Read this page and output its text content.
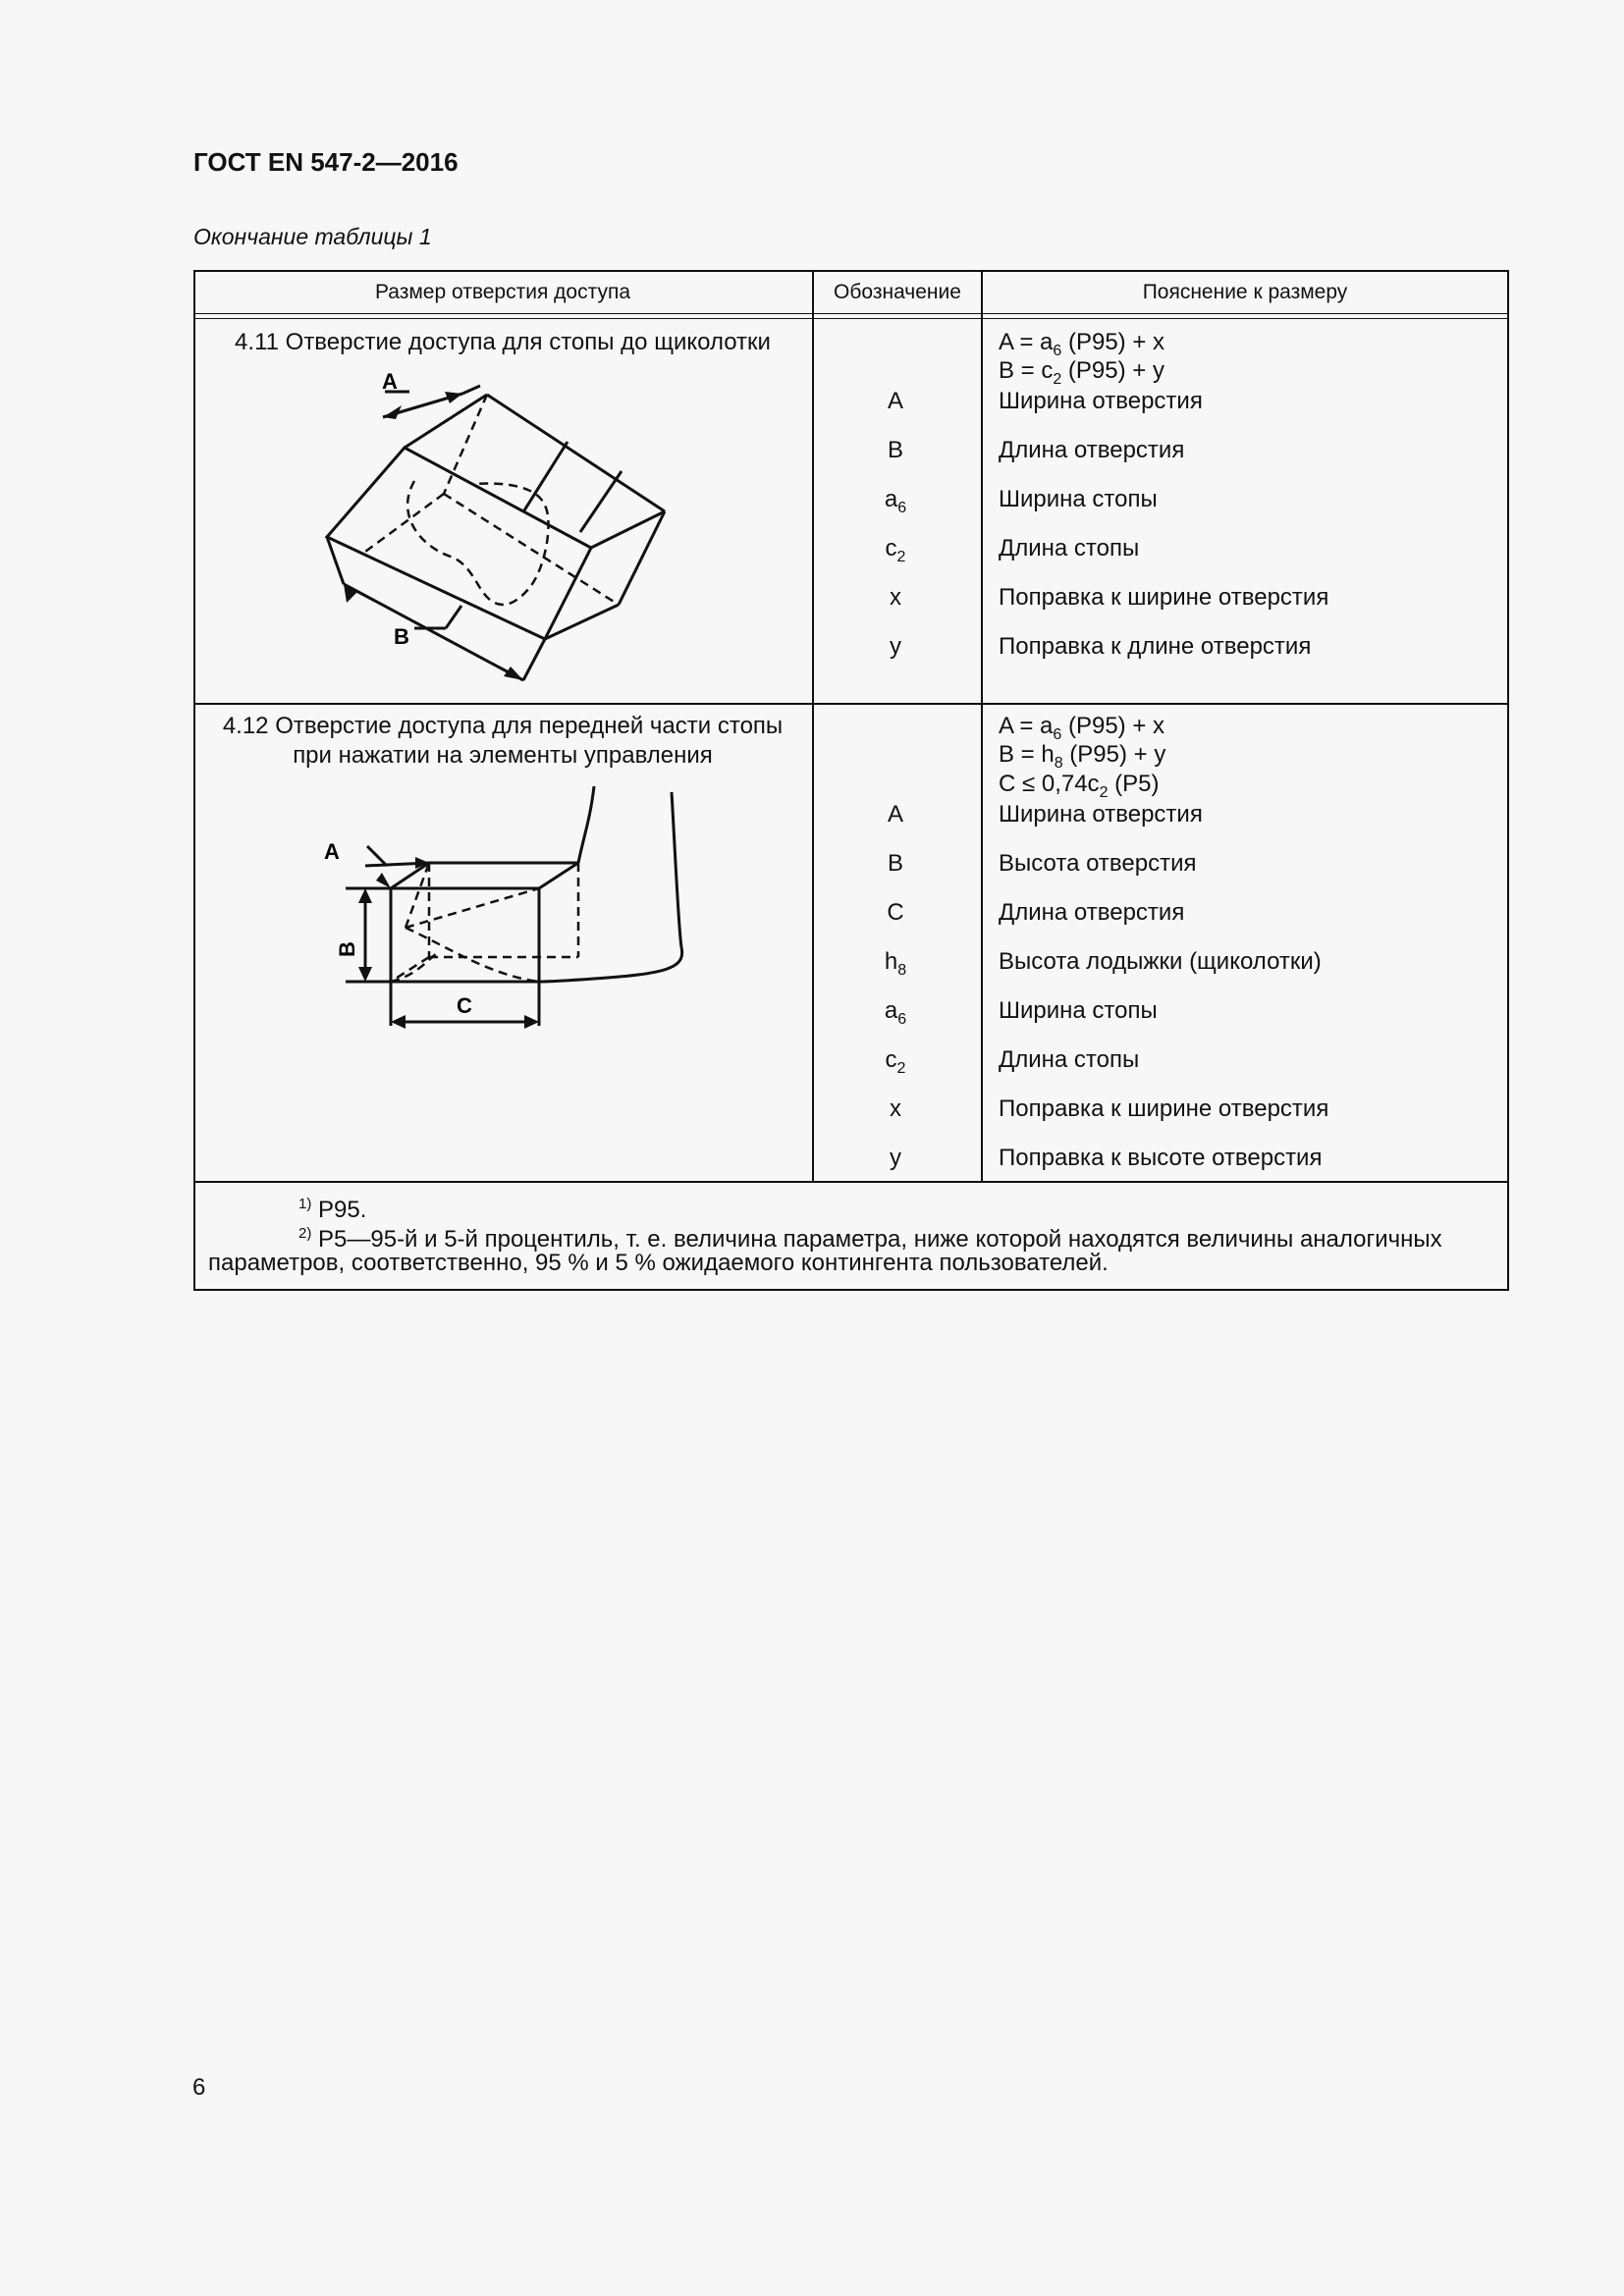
ГОСТ EN 547-2—2016
Окончание таблицы 1
Размер отверстия доступа	Обозначение	Пояснение к размеру
4.11 Отверстие доступа для стопы до щиколотки
A
B
$A = a_6$ (P95) + x
$B = c_2$ (P95) + y
A	Ширина отверстия
B	Длина отверстия
$a_6$	Ширина стопы
$c_2$	Длина стопы
x	Поправка к ширине отверстия
y	Поправка к длине отверстия
4.12 Отверстие доступа для передней части стопы
при нажатии на элементы управления
A
B
C
$A = a_6$ (P95) + x
$B = h_8$ (P95) + y
$C \le 0,74c_2$ (P5)
A	Ширина отверстия
B	Высота отверстия
C	Длина отверстия
$h_8$	Высота лодыжки (щиколотки)
$a_6$	Ширина стопы
$c_2$	Длина стопы
x	Поправка к ширине отверстия
y	Поправка к высоте отверстия
$^{1)}$ P95.
$^{2)}$ P5—95-й и 5-й процентиль, т. е. величина параметра, ниже которой находятся величины аналогичных
параметров, соответственно, 95 % и 5 % ожидаемого контингента пользователей.
6
